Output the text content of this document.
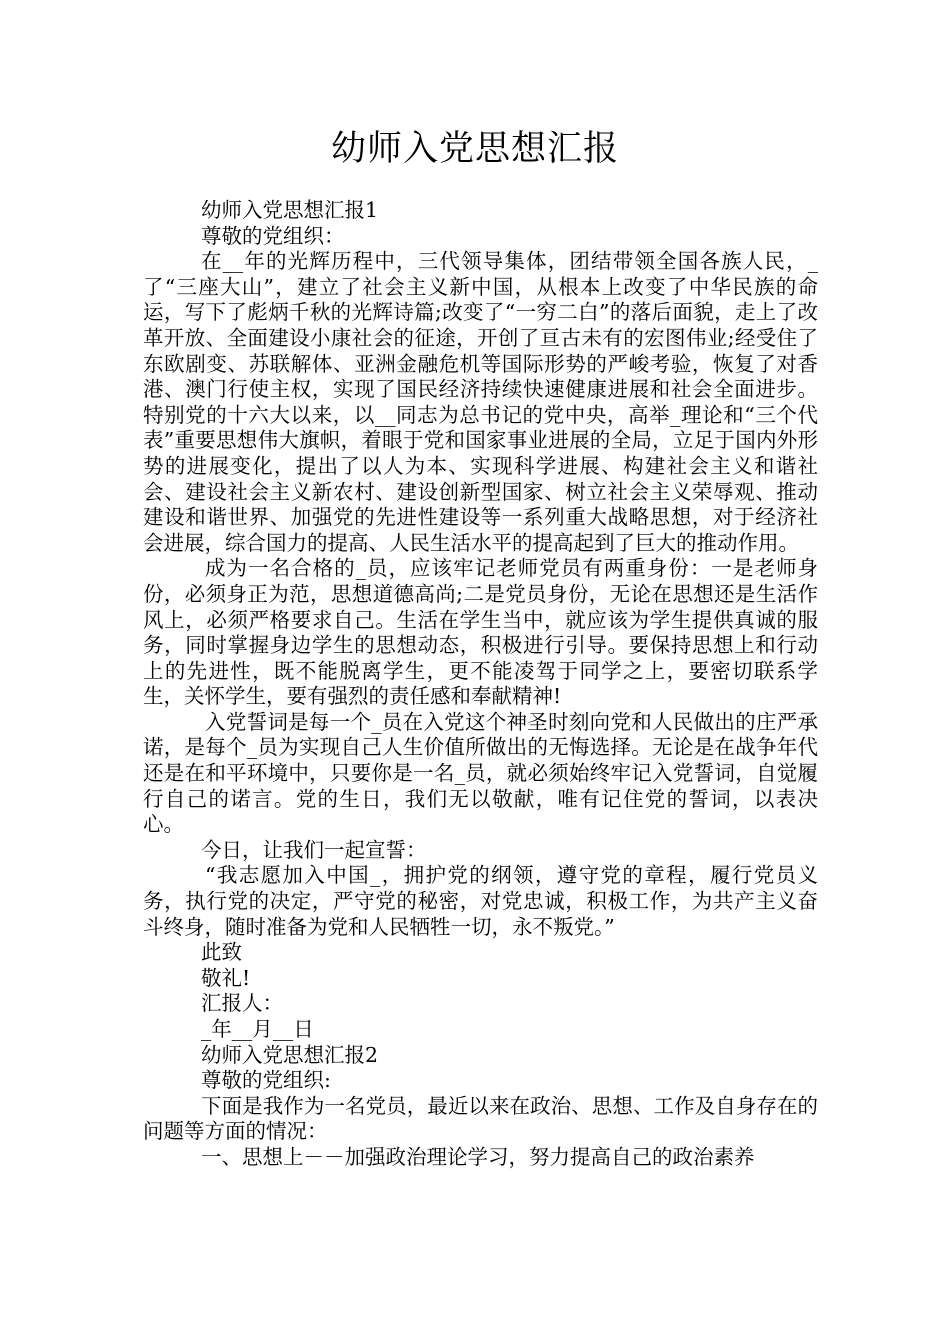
幼师入党思想汇报

幼师入党思想汇报1

尊敬的党组织：

在__年的光辉历程中，三代领导集体，团结带领全国各族人民，_了“三座大山”，建立了社会主义新中国，从根本上改变了中华民族的命运，写下了彪炳千秋的光辉诗篇;改变了“一穷二白”的落后面貌，走上了改革开放、全面建设小康社会的征途，开创了亘古未有的宏图伟业;经受住了东欧剧变、苏联解体、亚洲金融危机等国际形势的严峻考验，恢复了对香港、澳门行使主权，实现了国民经济持续快速健康进展和社会全面进步。特别党的十六大以来，以__同志为总书记的党中央，高举_理论和“三个代表”重要思想伟大旗帜，着眼于党和国家事业进展的全局，立足于国内外形势的进展变化，提出了以人为本、实现科学进展、构建社会主义和谐社会、建设社会主义新农村、建设创新型国家、树立社会主义荣辱观、推动建设和谐世界、加强党的先进性建设等一系列重大战略思想，对于经济社会进展，综合国力的提高、人民生活水平的提高起到了巨大的推动作用。

成为一名合格的_员，应该牢记老师党员有两重身份：一是老师身份，必须身正为范，思想道德高尚;二是党员身份，无论在思想还是生活作风上，必须严格要求自己。生活在学生当中，就应该为学生提供真诚的服务，同时掌握身边学生的思想动态，积极进行引导。要保持思想上和行动上的先进性，既不能脱离学生，更不能凌驾于同学之上，要密切联系学生，关怀学生，要有强烈的责任感和奉献精神!

入党誓词是每一个_员在入党这个神圣时刻向党和人民做出的庄严承诺，是每个_员为实现自己人生价值所做出的无悔选择。无论是在战争年代还是在和平环境中，只要你是一名_员，就必须始终牢记入党誓词，自觉履行自己的诺言。党的生日，我们无以敬献，唯有记住党的誓词，以表决心。

今日，让我们一起宣誓：

“我志愿加入中国_，拥护党的纲领，遵守党的章程，履行党员义务，执行党的决定，严守党的秘密，对党忠诚，积极工作，为共产主义奋斗终身，随时准备为党和人民牺牲一切，永不叛党。”

此致

敬礼!

汇报人：

_年__月__日

幼师入党思想汇报2

尊敬的党组织:

下面是我作为一名党员，最近以来在政治、思想、工作及自身存在的问题等方面的情况：

一、思想上－－加强政治理论学习，努力提高自己的政治素养
